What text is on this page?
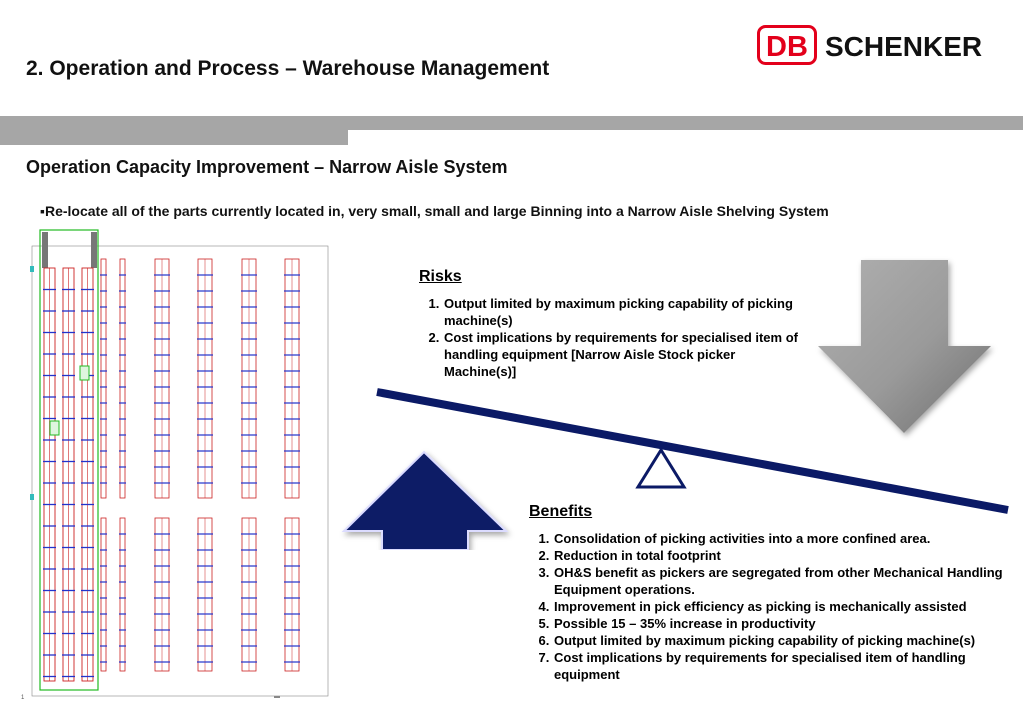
2. Operation and Process – Warehouse Management
DB SCHENKER
Operation Capacity Improvement – Narrow Aisle System
▪Re-locate all of the parts currently located in, very small, small and large Binning into a Narrow Aisle Shelving System
1
Risks
1. Output limited by maximum picking capability of picking machine(s)
2. Cost implications by requirements for specialised item of handling equipment [Narrow Aisle Stock picker Machine(s)]
Benefits
1. Consolidation of picking activities into a more confined area.
2. Reduction in total footprint
3. OH&S benefit as pickers are segregated from other Mechanical Handling Equipment operations.
4. Improvement in pick efficiency as picking is mechanically assisted
5. Possible 15 – 35% increase in productivity
6. Output limited by maximum picking capability of picking machine(s)
7. Cost implications by requirements for specialised item of handling equipment
